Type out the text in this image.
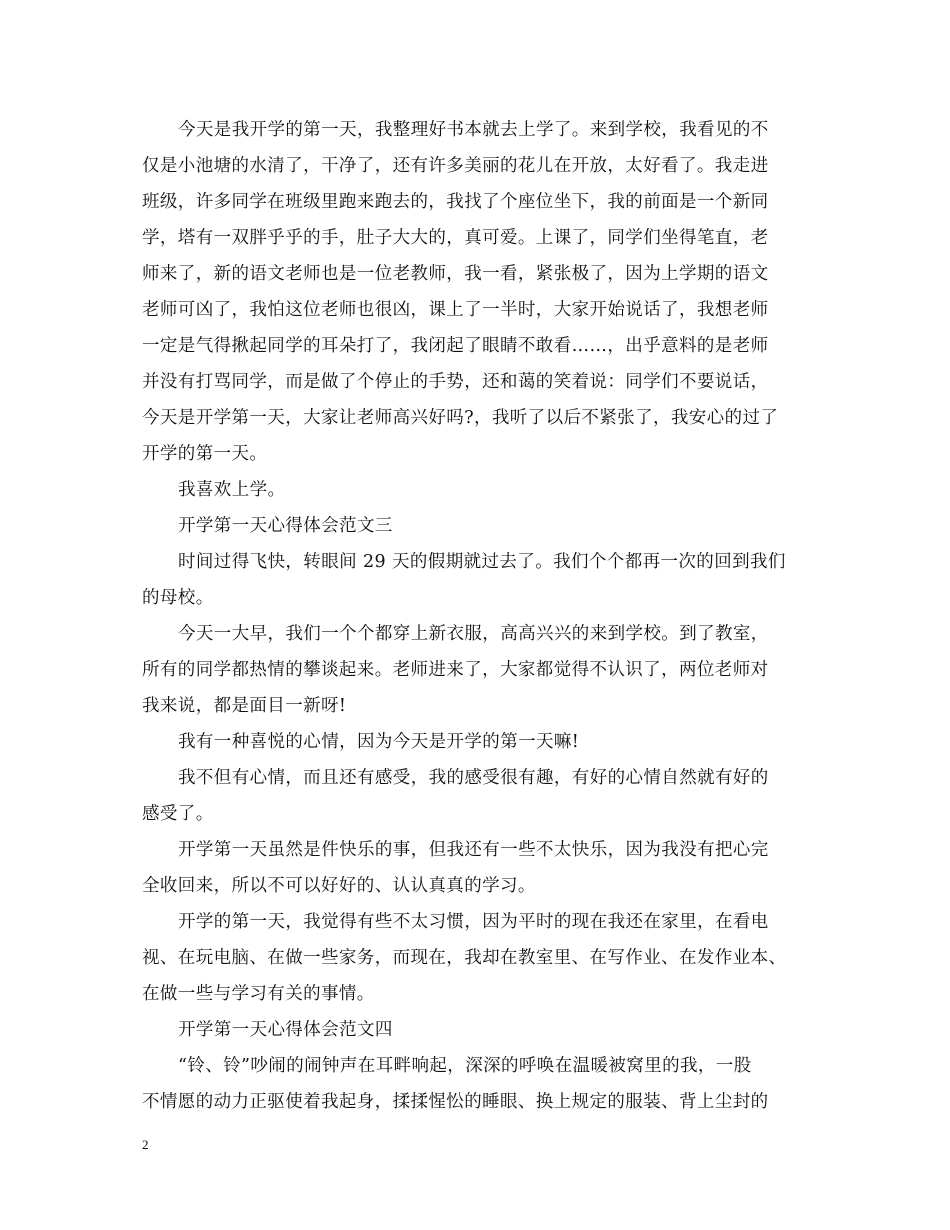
今天是我开学的第一天，我整理好书本就去上学了。来到学校，我看见的不
仅是小池塘的水清了，干净了，还有许多美丽的花儿在开放，太好看了。我走进
班级，许多同学在班级里跑来跑去的，我找了个座位坐下，我的前面是一个新同
学，塔有一双胖乎乎的手，肚子大大的，真可爱。上课了，同学们坐得笔直，老
师来了，新的语文老师也是一位老教师，我一看，紧张极了，因为上学期的语文
老师可凶了，我怕这位老师也很凶，课上了一半时，大家开始说话了，我想老师
一定是气得揪起同学的耳朵打了，我闭起了眼睛不敢看……，出乎意料的是老师
并没有打骂同学，而是做了个停止的手势，还和蔼的笑着说：同学们不要说话，
今天是开学第一天，大家让老师高兴好吗?，我听了以后不紧张了，我安心的过了
开学的第一天。
我喜欢上学。
开学第一天心得体会范文三
时间过得飞快，转眼间 29 天的假期就过去了。我们个个都再一次的回到我们
的母校。
今天一大早，我们一个个都穿上新衣服，高高兴兴的来到学校。到了教室，
所有的同学都热情的攀谈起来。老师进来了，大家都觉得不认识了，两位老师对
我来说，都是面目一新呀!
我有一种喜悦的心情，因为今天是开学的第一天嘛!
我不但有心情，而且还有感受，我的感受很有趣，有好的心情自然就有好的
感受了。
开学第一天虽然是件快乐的事，但我还有一些不太快乐，因为我没有把心完
全收回来，所以不可以好好的、认认真真的学习。
开学的第一天，我觉得有些不太习惯，因为平时的现在我还在家里，在看电
视、在玩电脑、在做一些家务，而现在，我却在教室里、在写作业、在发作业本、
在做一些与学习有关的事情。
开学第一天心得体会范文四
“铃、铃”吵闹的闹钟声在耳畔响起，深深的呼唤在温暖被窝里的我，一股
不情愿的动力正驱使着我起身，揉揉惺忪的睡眼、换上规定的服装、背上尘封的
2
